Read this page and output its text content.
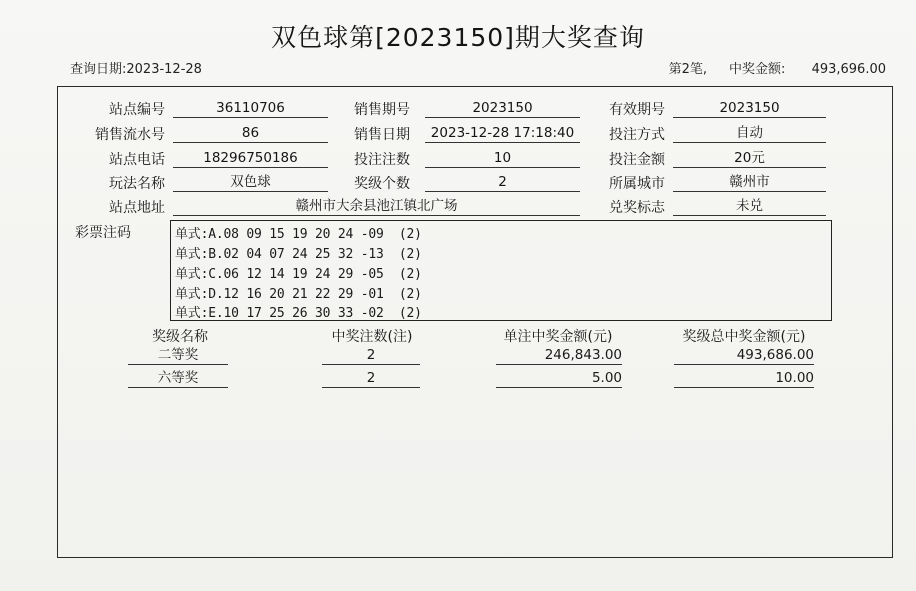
双色球第[2023150]期大奖查询
查询日期:2023-12-28	第2笔, 中奖金额: 493,696.00
站点编号	36110706	销售期号	2023150	有效期号	2023150
销售流水号	86	销售日期	2023-12-28 17:18:40	投注方式	自动
站点电话	18296750186	投注注数	10	投注金额	20元
玩法名称	双色球	奖级个数	2	所属城市	赣州市
站点地址	赣州市大余县池江镇北广场	兑奖标志	未兑
彩票注码	单式:A.08 09 15 19 20 24 -09  (2)
单式:B.02 04 07 24 25 32 -13  (2)
单式:C.06 12 14 19 24 29 -05  (2)
单式:D.12 16 20 21 22 29 -01  (2)
单式:E.10 17 25 26 30 33 -02  (2)
奖级名称	中奖注数(注)	单注中奖金额(元)	奖级总中奖金额(元)
二等奖	2	246,843.00	493,686.00
六等奖	2	5.00	10.00
